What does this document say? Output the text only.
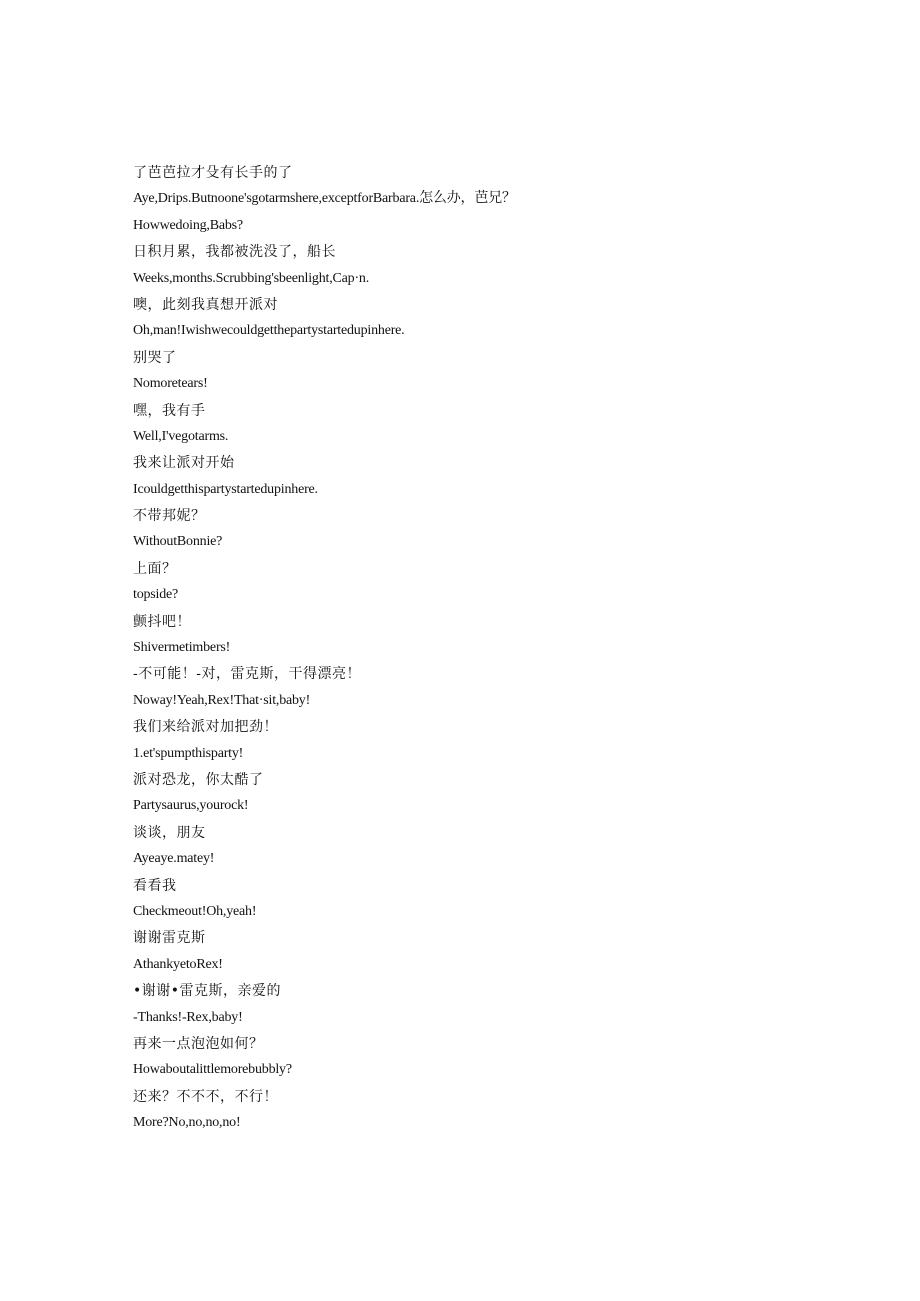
了芭芭拉才殳有长手的了
Aye,Drips.Butnoone'sgotarmshere,exceptforBarbara.怎么办，芭兄？
Howwedoing,Babs?
日积月累，我都被洗没了，船长
Weeks,months.Scrubbing'sbeenlight,Cap·n.
噢，此刻我真想开派对
Oh,man!Iwishwecouldgetthepartystartedupinhere.
别哭了
Nomoretears!
嘿，我有手
Well,I'vegotarms.
我来让派对开始
Icouldgetthispartystartedupinhere.
不带邦妮？
WithoutBonnie?
上面？
topside?
颤抖吧！
Shivermetimbers!
-不可能！-对，雷克斯，干得漂亮！
Noway!Yeah,Rex!That·sit,baby!
我们来给派对加把劲！
1.et'spumpthisparty!
派对恐龙，你太酷了
Partysaurus,yourock!
谈谈，朋友
Ayeaye.matey!
看看我
Checkmeout!Oh,yeah!
谢谢雷克斯
AthankyetoRex!
•谢谢•雷克斯，亲爱的
-Thanks!-Rex,baby!
再来一点泡泡如何？
Howaboutalittlemorebubbly?
还来？不不不，不行！
More?No,no,no,no!
